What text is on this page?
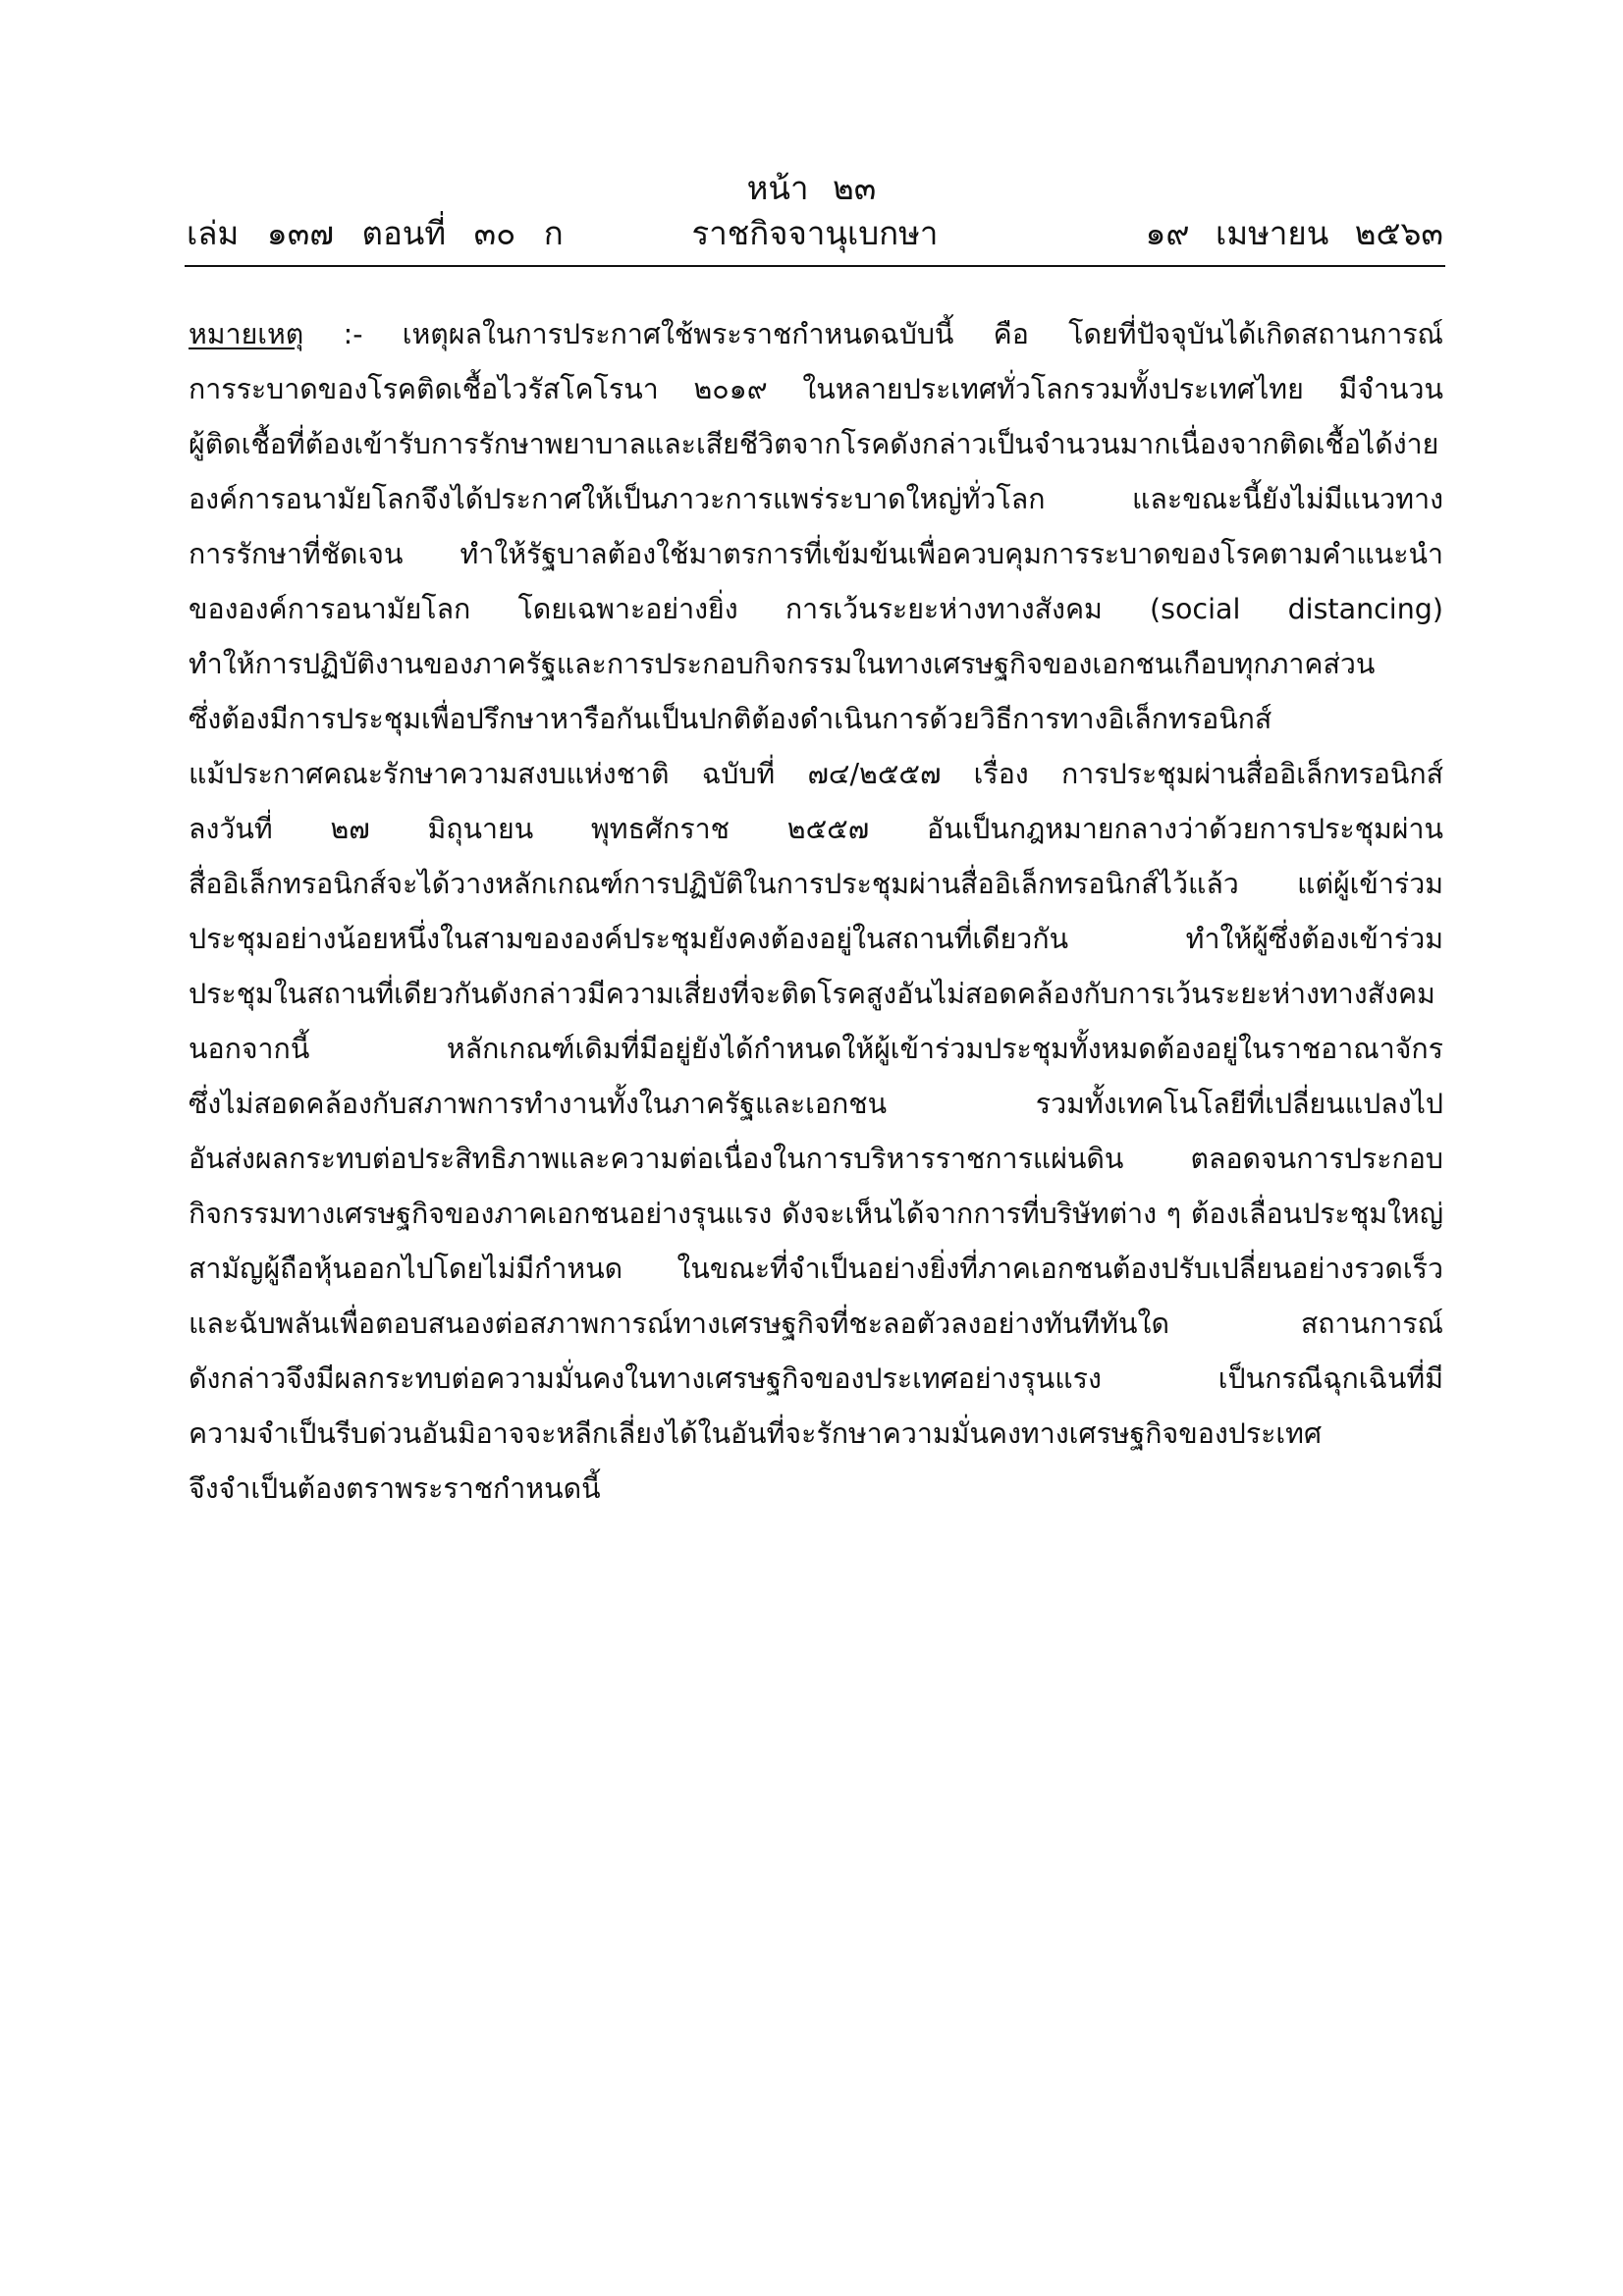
หน้า ๒๓
เล่ม ๑๓๗ ตอนที่ ๓๐ ก	ราชกิจจานุเบกษา	๑๙ เมษายน ๒๕๖๓
หมายเหตุ :- เหตุผลในการประกาศใช้พระราชกำหนดฉบับนี้ คือ โดยที่ปัจจุบันได้เกิดสถานการณ์
การระบาดของโรคติดเชื้อไวรัสโคโรนา ๒๐๑๙ ในหลายประเทศทั่วโลกรวมทั้งประเทศไทย มีจำนวน
ผู้ติดเชื้อที่ต้องเข้ารับการรักษาพยาบาลและเสียชีวิตจากโรคดังกล่าวเป็นจำนวนมากเนื่องจากติดเชื้อได้ง่าย
องค์การอนามัยโลกจึงได้ประกาศให้เป็นภาวะการแพร่ระบาดใหญ่ทั่วโลก และขณะนี้ยังไม่มีแนวทาง
การรักษาที่ชัดเจน ทำให้รัฐบาลต้องใช้มาตรการที่เข้มข้นเพื่อควบคุมการระบาดของโรคตามคำแนะนำ
ขององค์การอนามัยโลก โดยเฉพาะอย่างยิ่ง การเว้นระยะห่างทางสังคม (social distancing)
ทำให้การปฏิบัติงานของภาครัฐและการประกอบกิจกรรมในทางเศรษฐกิจของเอกชนเกือบทุกภาคส่วน
ซึ่งต้องมีการประชุมเพื่อปรึกษาหารือกันเป็นปกติต้องดำเนินการด้วยวิธีการทางอิเล็กทรอนิกส์
แม้ประกาศคณะรักษาความสงบแห่งชาติ ฉบับที่ ๗๔/๒๕๕๗ เรื่อง การประชุมผ่านสื่ออิเล็กทรอนิกส์
ลงวันที่ ๒๗ มิถุนายน พุทธศักราช ๒๕๕๗ อันเป็นกฎหมายกลางว่าด้วยการประชุมผ่าน
สื่ออิเล็กทรอนิกส์จะได้วางหลักเกณฑ์การปฏิบัติในการประชุมผ่านสื่ออิเล็กทรอนิกส์ไว้แล้ว แต่ผู้เข้าร่วม
ประชุมอย่างน้อยหนึ่งในสามขององค์ประชุมยังคงต้องอยู่ในสถานที่เดียวกัน ทำให้ผู้ซึ่งต้องเข้าร่วม
ประชุมในสถานที่เดียวกันดังกล่าวมีความเสี่ยงที่จะติดโรคสูงอันไม่สอดคล้องกับการเว้นระยะห่างทางสังคม
นอกจากนี้ หลักเกณฑ์เดิมที่มีอยู่ยังได้กำหนดให้ผู้เข้าร่วมประชุมทั้งหมดต้องอยู่ในราชอาณาจักร
ซึ่งไม่สอดคล้องกับสภาพการทำงานทั้งในภาครัฐและเอกชน รวมทั้งเทคโนโลยีที่เปลี่ยนแปลงไป
อันส่งผลกระทบต่อประสิทธิภาพและความต่อเนื่องในการบริหารราชการแผ่นดิน ตลอดจนการประกอบ
กิจกรรมทางเศรษฐกิจของภาคเอกชนอย่างรุนแรง ดังจะเห็นได้จากการที่บริษัทต่าง ๆ ต้องเลื่อนประชุมใหญ่
สามัญผู้ถือหุ้นออกไปโดยไม่มีกำหนด ในขณะที่จำเป็นอย่างยิ่งที่ภาคเอกชนต้องปรับเปลี่ยนอย่างรวดเร็ว
และฉับพลันเพื่อตอบสนองต่อสภาพการณ์ทางเศรษฐกิจที่ชะลอตัวลงอย่างทันทีทันใด สถานการณ์
ดังกล่าวจึงมีผลกระทบต่อความมั่นคงในทางเศรษฐกิจของประเทศอย่างรุนแรง เป็นกรณีฉุกเฉินที่มี
ความจำเป็นรีบด่วนอันมิอาจจะหลีกเลี่ยงได้ในอันที่จะรักษาความมั่นคงทางเศรษฐกิจของประเทศ
จึงจำเป็นต้องตราพระราชกำหนดนี้
